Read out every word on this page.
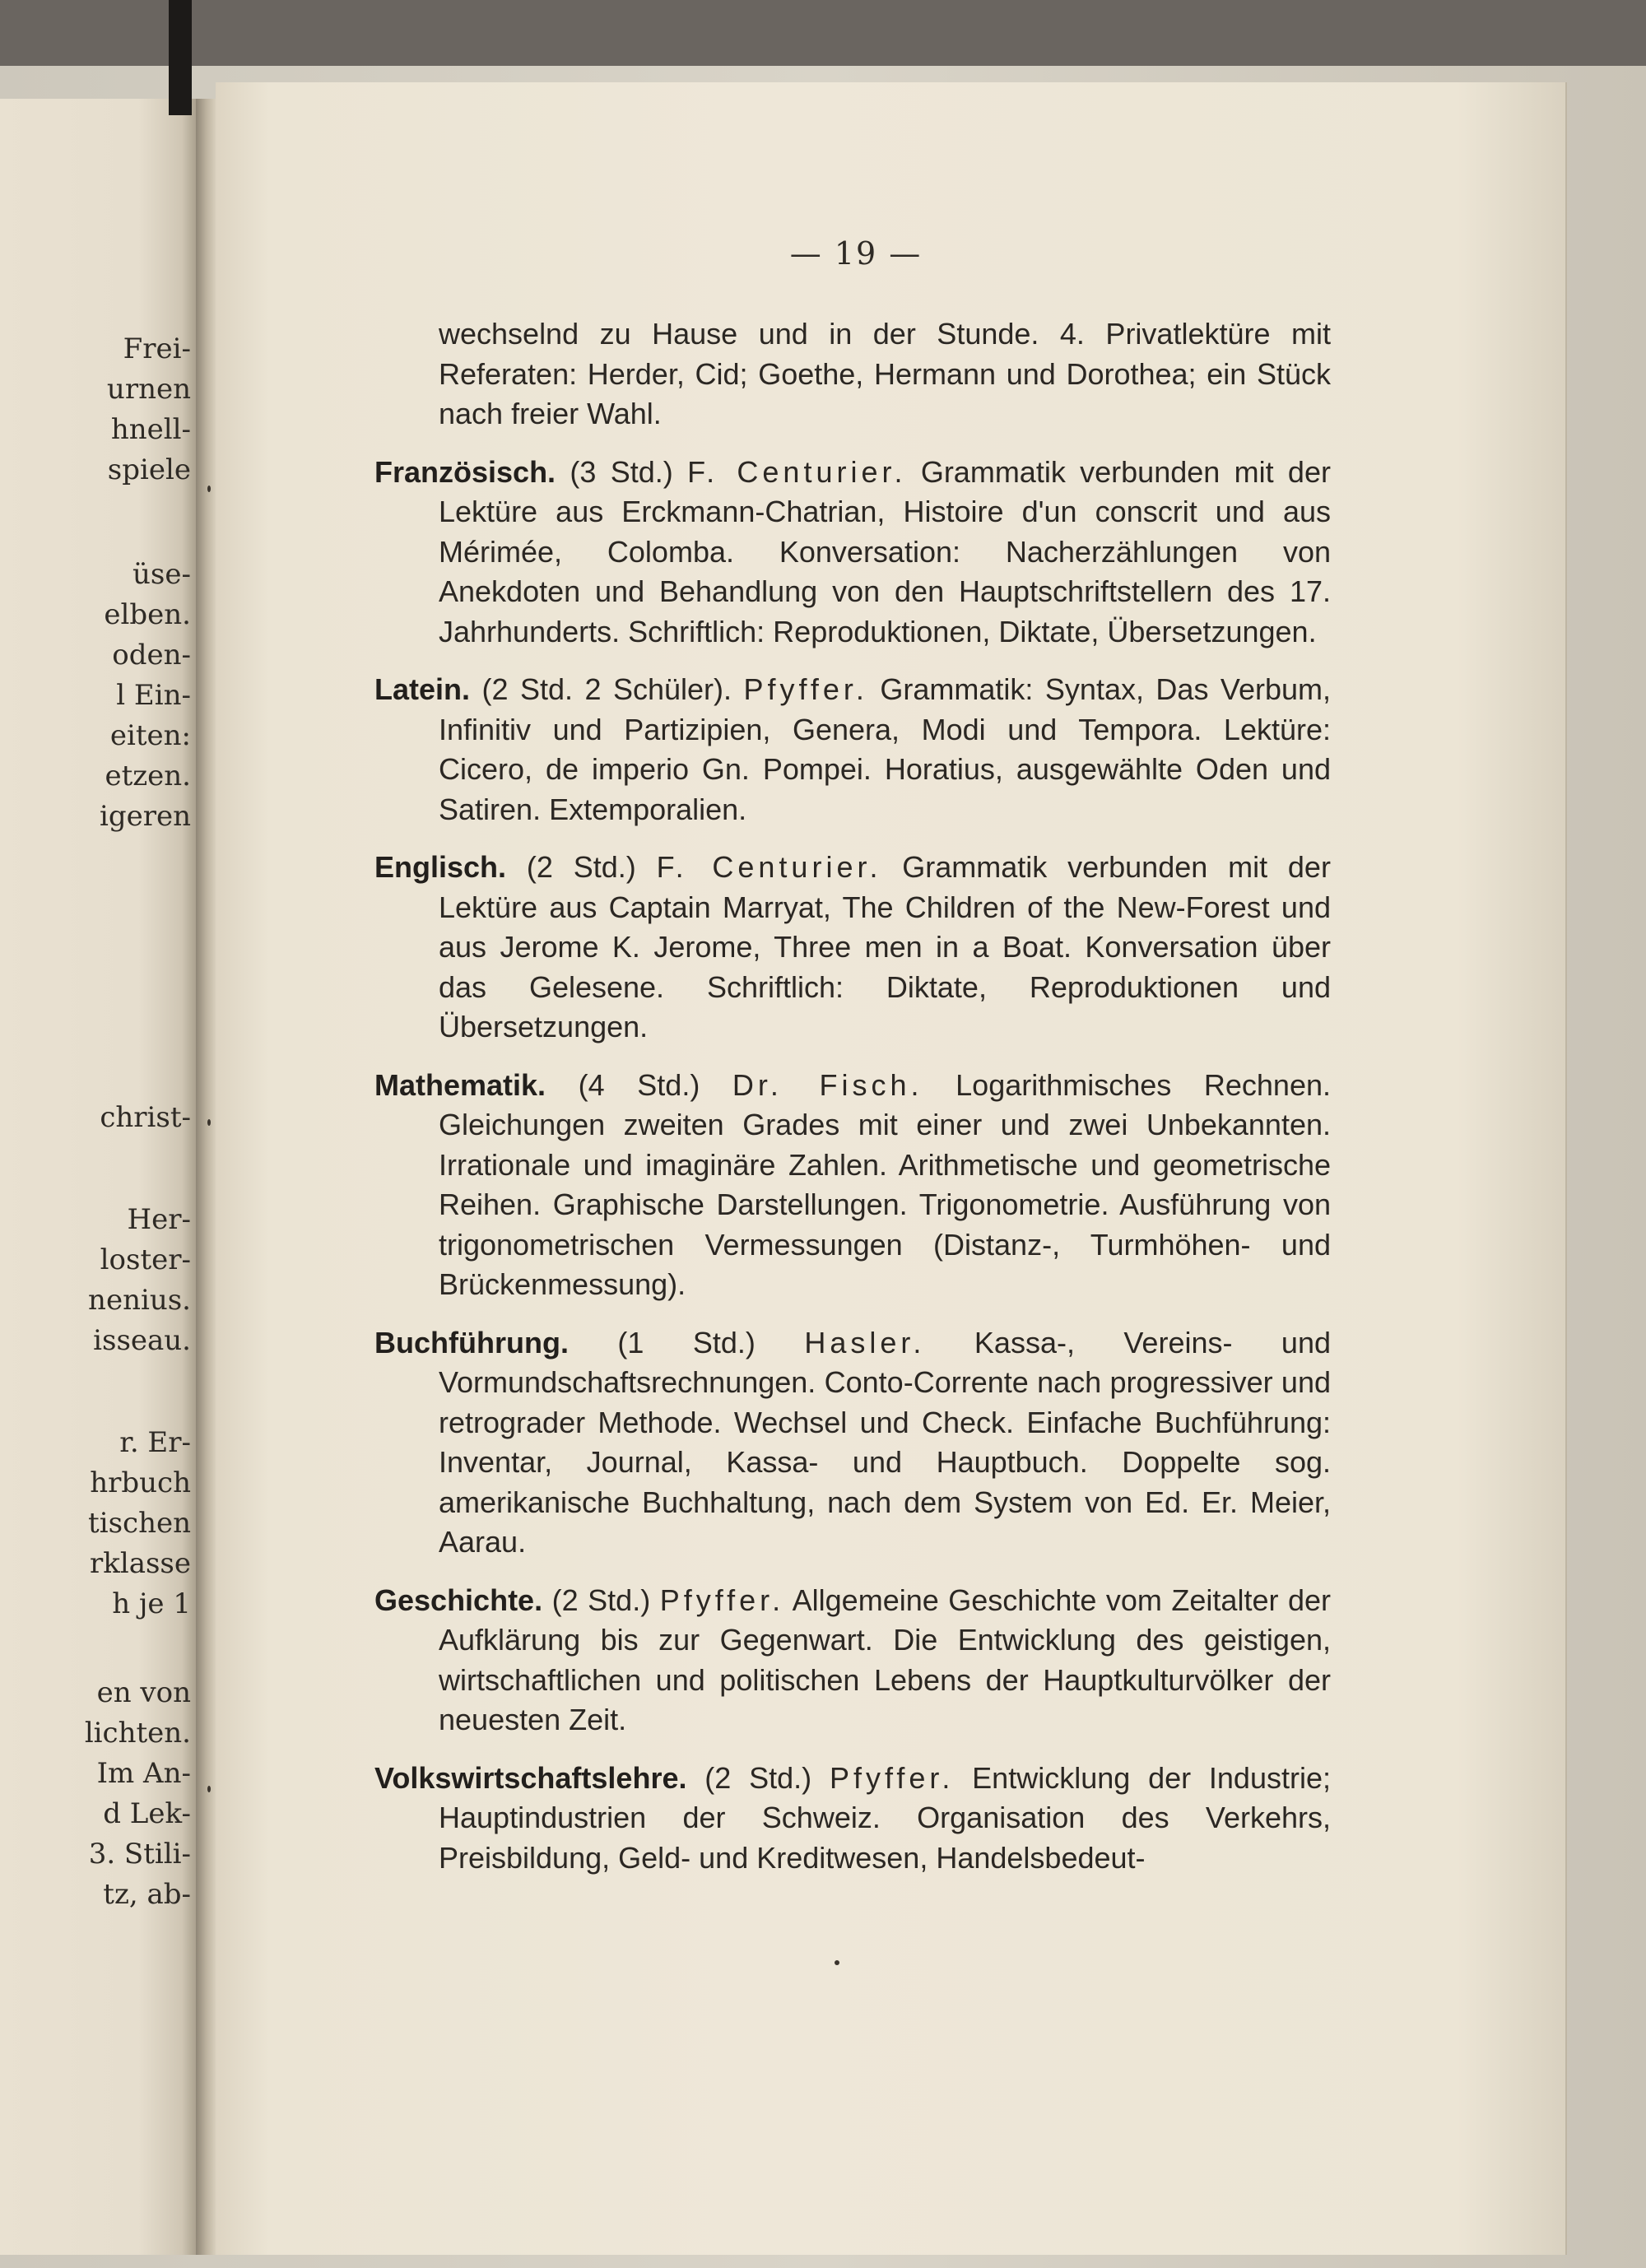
Frei-
urnen
hnell-
spiele
üse-
elben.
oden-
l Ein-
eiten:
etzen.
igeren
christ-
Her-
loster-
nenius.
isseau.
r. Er-
hrbuch
tischen
rklasse
h je 1
en von
lichten.
Im An-
d Lek-
3. Stili-
tz, ab-
— 19 —

wechselnd zu Hause und in der Stunde. 4. Privatlektüre mit Referaten: Herder, Cid; Goethe, Hermann und Dorothea; ein Stück nach freier Wahl.

Französisch. (3 Std.) F. Centurier. Grammatik verbunden mit der Lektüre aus Erckmann-Chatrian, Histoire d'un conscrit und aus Mérimée, Colomba. Konversation: Nacherzählungen von Anekdoten und Behandlung von den Hauptschriftstellern des 17. Jahrhunderts. Schriftlich: Reproduktionen, Diktate, Übersetzungen.

Latein. (2 Std. 2 Schüler). Pfyffer. Grammatik: Syntax, Das Verbum, Infinitiv und Partizipien, Genera, Modi und Tempora. Lektüre: Cicero, de imperio Gn. Pompei. Horatius, ausgewählte Oden und Satiren. Extemporalien.

Englisch. (2 Std.) F. Centurier. Grammatik verbunden mit der Lektüre aus Captain Marryat, The Children of the New-Forest und aus Jerome K. Jerome, Three men in a Boat. Konversation über das Gelesene. Schriftlich: Diktate, Reproduktionen und Übersetzungen.

Mathematik. (4 Std.) Dr. Fisch. Logarithmisches Rechnen. Gleichungen zweiten Grades mit einer und zwei Unbekannten. Irrationale und imaginäre Zahlen. Arithmetische und geometrische Reihen. Graphische Darstellungen. Trigonometrie. Ausführung von trigonometrischen Vermessungen (Distanz-, Turmhöhen- und Brückenmessung).

Buchführung. (1 Std.) Hasler. Kassa-, Vereins- und Vormundschaftsrechnungen. Conto-Corrente nach progressiver und retrograder Methode. Wechsel und Check. Einfache Buchführung: Inventar, Journal, Kassa- und Hauptbuch. Doppelte sog. amerikanische Buchhaltung, nach dem System von Ed. Er. Meier, Aarau.

Geschichte. (2 Std.) Pfyffer. Allgemeine Geschichte vom Zeitalter der Aufklärung bis zur Gegenwart. Die Entwicklung des geistigen, wirtschaftlichen und politischen Lebens der Hauptkulturvölker der neuesten Zeit.

Volkswirtschaftslehre. (2 Std.) Pfyffer. Entwicklung der Industrie; Hauptindustrien der Schweiz. Organisation des Verkehrs, Preisbildung, Geld- und Kreditwesen, Handelsbedeut-
